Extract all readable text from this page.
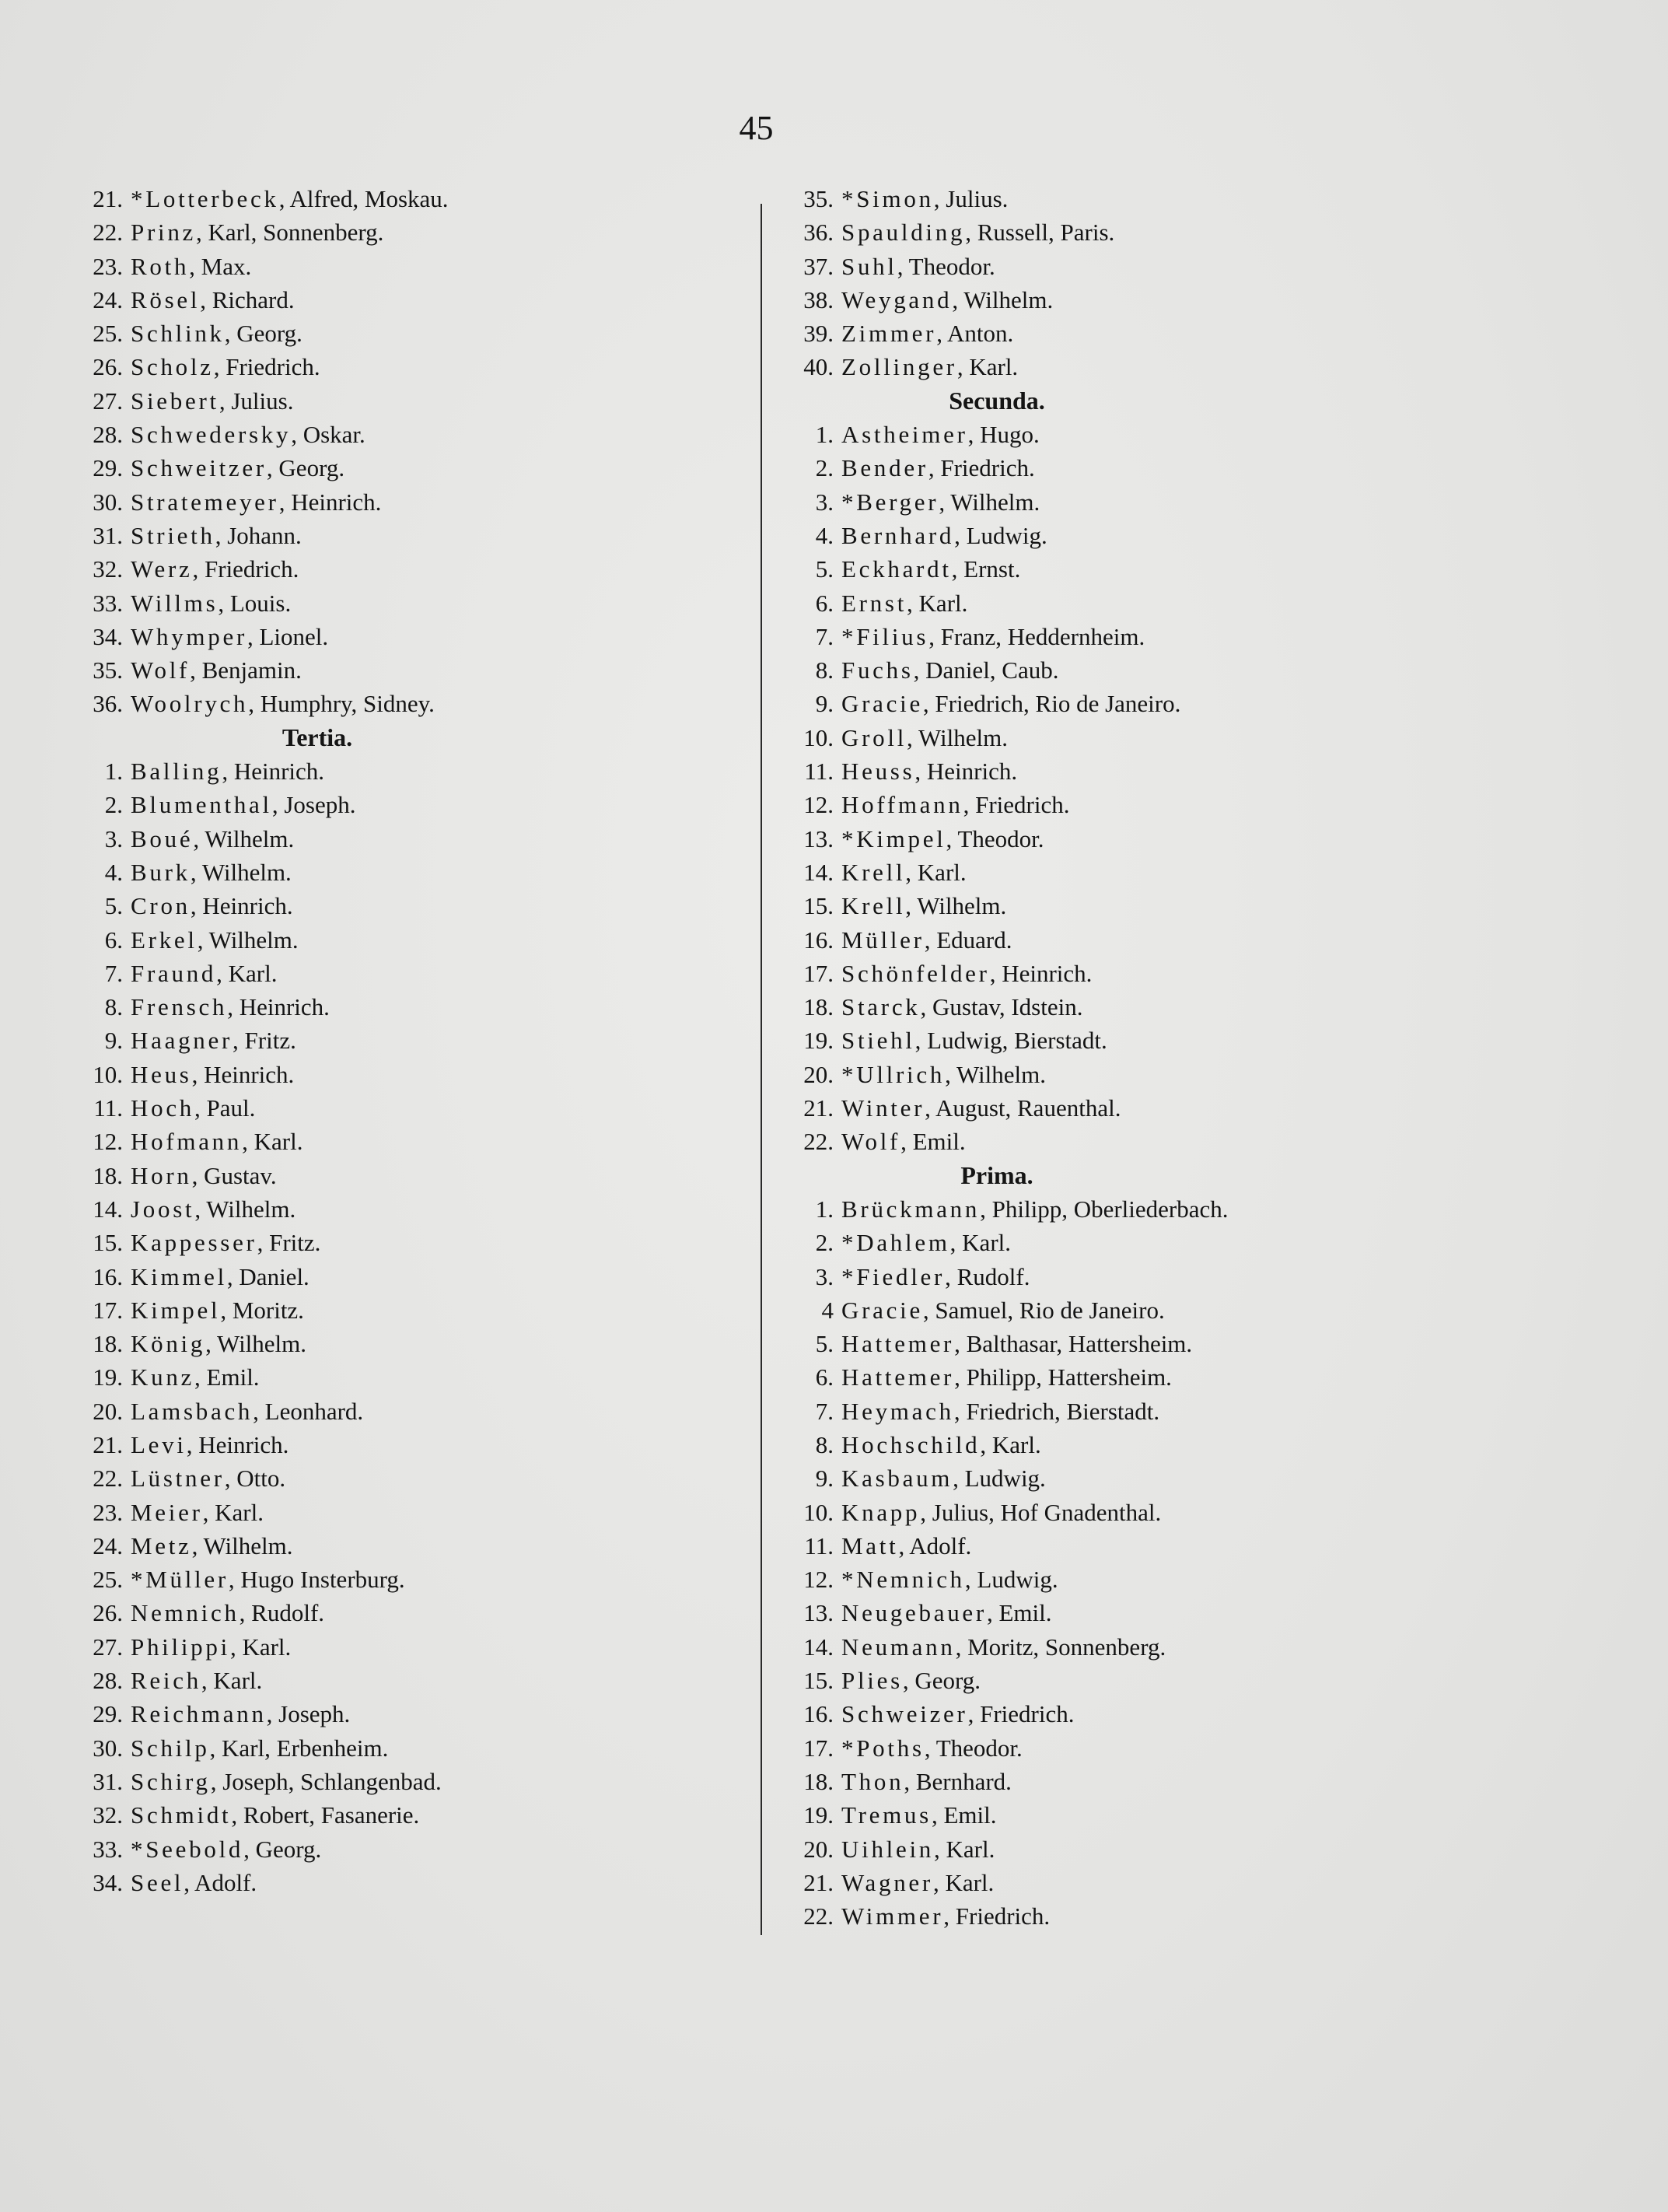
45
21. *Lotterbeck , Alfred, Moskau.
22. Prinz , Karl, Sonnenberg.
23. Roth , Max.
24. Rösel , Richard.
25. Schlink , Georg.
26. Scholz , Friedrich.
27. Siebert , Julius.
28. Schwedersky , Oskar.
29. Schweitzer , Georg.
30. Stratemeyer , Heinrich.
31. Strieth , Johann.
32. Werz , Friedrich.
33. Willms , Louis.
34. Whymper , Lionel.
35. Wolf , Benjamin.
36. Woolrych , Humphry, Sidney.
Tertia.
1. Balling , Heinrich.
2. Blumenthal , Joseph.
3. Boué , Wilhelm.
4. Burk , Wilhelm.
5. Cron , Heinrich.
6. Erkel , Wilhelm.
7. Fraund , Karl.
8. Frensch , Heinrich.
9. Haagner , Fritz.
10. Heus , Heinrich.
11. Hoch , Paul.
12. Hofmann , Karl.
18. Horn , Gustav.
14. Joost , Wilhelm.
15. Kappesser , Fritz.
16. Kimmel , Daniel.
17. Kimpel , Moritz.
18. König , Wilhelm.
19. Kunz , Emil.
20. Lamsbach , Leonhard.
21. Levi , Heinrich.
22. Lüstner , Otto.
23. Meier , Karl.
24. Metz , Wilhelm.
25. *Müller , Hugo Insterburg.
26. Nemnich , Rudolf.
27. Philippi , Karl.
28. Reich , Karl.
29. Reichmann , Joseph.
30. Schilp , Karl, Erbenheim.
31. Schirg , Joseph, Schlangenbad.
32. Schmidt , Robert, Fasanerie.
33. *Seebold , Georg.
34. Seel , Adolf.
35. *Simon , Julius.
36. Spaulding , Russell, Paris.
37. Suhl , Theodor.
38. Weygand , Wilhelm.
39. Zimmer , Anton.
40. Zollinger , Karl.
Secunda.
1. Astheimer , Hugo.
2. Bender , Friedrich.
3. *Berger , Wilhelm.
4. Bernhard , Ludwig.
5. Eckhardt , Ernst.
6. Ernst , Karl.
7. *Filius , Franz, Heddernheim.
8. Fuchs , Daniel, Caub.
9. Gracie , Friedrich, Rio de Janeiro.
10. Groll , Wilhelm.
11. Heuss , Heinrich.
12. Hoffmann , Friedrich.
13. *Kimpel , Theodor.
14. Krell , Karl.
15. Krell , Wilhelm.
16. Müller , Eduard.
17. Schönfelder , Heinrich.
18. Starck , Gustav, Idstein.
19. Stiehl , Ludwig, Bierstadt.
20. *Ullrich , Wilhelm.
21. Winter , August, Rauenthal.
22. Wolf , Emil.
Prima.
1. Brückmann , Philipp, Oberliederbach.
2. *Dahlem , Karl.
3. *Fiedler , Rudolf.
4 Gracie , Samuel, Rio de Janeiro.
5. Hattemer , Balthasar, Hattersheim.
6. Hattemer , Philipp, Hattersheim.
7. Heymach , Friedrich, Bierstadt.
8. Hochschild , Karl.
9. Kasbaum , Ludwig.
10. Knapp , Julius, Hof Gnadenthal.
11. Matt , Adolf.
12. *Nemnich , Ludwig.
13. Neugebauer , Emil.
14. Neumann , Moritz, Sonnenberg.
15. Plies , Georg.
16. Schweizer , Friedrich.
17. *Poths , Theodor.
18. Thon , Bernhard.
19. Tremus , Emil.
20. Uihlein , Karl.
21. Wagner , Karl.
22. Wimmer , Friedrich.
